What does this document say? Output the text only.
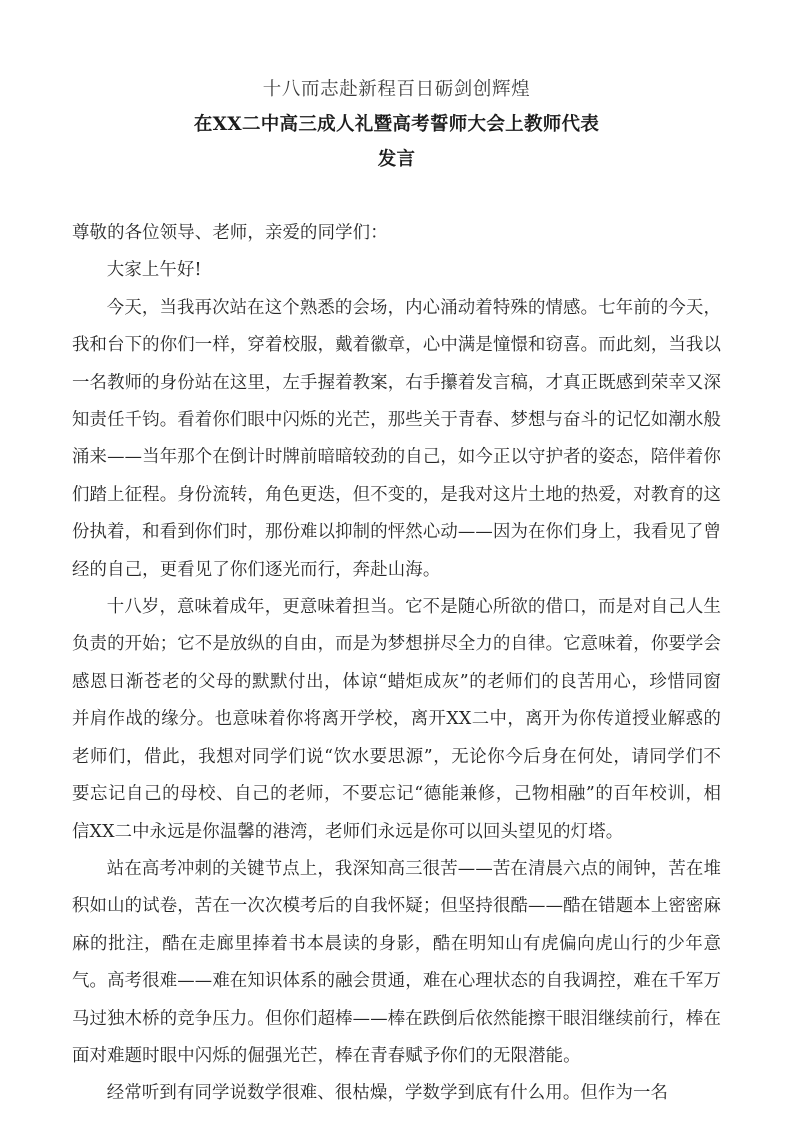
十八而志赴新程百日砺剑创辉煌
在XX二中高三成人礼暨高考誓师大会上教师代表
发言

尊敬的各位领导、老师，亲爱的同学们：

大家上午好!

今天，当我再次站在这个熟悉的会场，内心涌动着特殊的情感。七年前的今天，我和台下的你们一样，穿着校服，戴着徽章，心中满是憧憬和窃喜。而此刻，当我以一名教师的身份站在这里，左手握着教案，右手攥着发言稿，才真正既感到荣幸又深知责任千钧。看着你们眼中闪烁的光芒，那些关于青春、梦想与奋斗的记忆如潮水般涌来——当年那个在倒计时牌前暗暗较劲的自己，如今正以守护者的姿态，陪伴着你们踏上征程。身份流转，角色更迭，但不变的，是我对这片土地的热爱，对教育的这份执着，和看到你们时，那份难以抑制的怦然心动——因为在你们身上，我看见了曾经的自己，更看见了你们逐光而行，奔赴山海。

十八岁，意味着成年，更意味着担当。它不是随心所欲的借口，而是对自己人生负责的开始；它不是放纵的自由，而是为梦想拼尽全力的自律。它意味着，你要学会感恩日渐苍老的父母的默默付出，体谅“蜡炬成灰”的老师们的良苦用心，珍惜同窗并肩作战的缘分。也意味着你将离开学校，离开XX二中，离开为你传道授业解惑的老师们，借此，我想对同学们说“饮水要思源”，无论你今后身在何处，请同学们不要忘记自己的母校、自己的老师，不要忘记“德能兼修，己物相融”的百年校训，相信XX二中永远是你温馨的港湾，老师们永远是你可以回头望见的灯塔。

站在高考冲刺的关键节点上，我深知高三很苦——苦在清晨六点的闹钟，苦在堆积如山的试卷，苦在一次次模考后的自我怀疑；但坚持很酷——酷在错题本上密密麻麻的批注，酷在走廊里捧着书本晨读的身影，酷在明知山有虎偏向虎山行的少年意气。高考很难——难在知识体系的融会贯通，难在心理状态的自我调控，难在千军万马过独木桥的竞争压力。但你们超棒——棒在跌倒后依然能擦干眼泪继续前行，棒在面对难题时眼中闪烁的倔强光芒，棒在青春赋予你们的无限潜能。

经常听到有同学说数学很难、很枯燥，学数学到底有什么用。但作为一名
